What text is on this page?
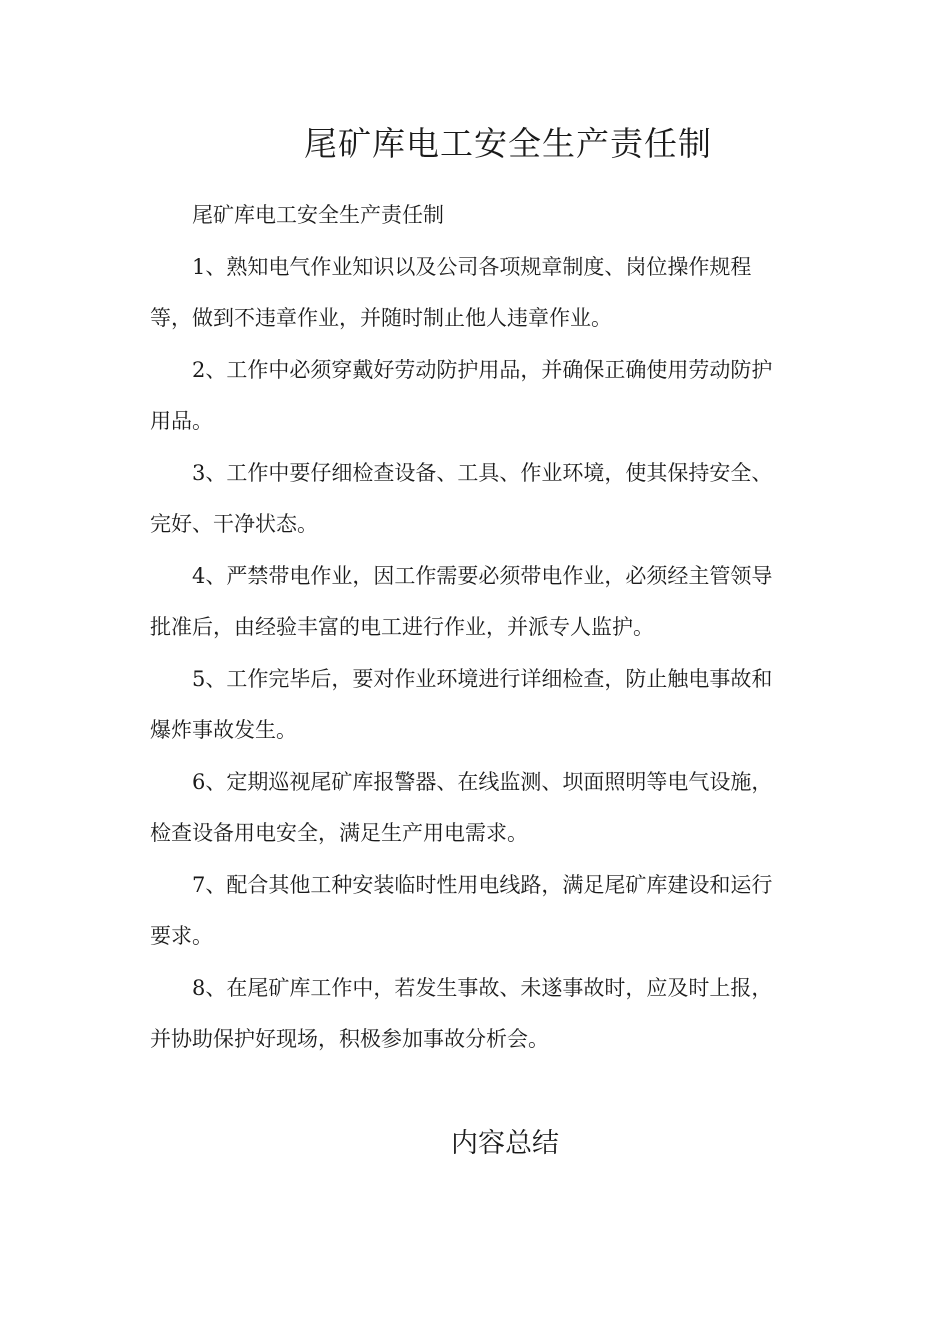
尾矿库电工安全生产责任制

尾矿库电工安全生产责任制

1、熟知电气作业知识以及公司各项规章制度、岗位操作规程等，做到不违章作业，并随时制止他人违章作业。

2、工作中必须穿戴好劳动防护用品，并确保正确使用劳动防护用品。

3、工作中要仔细检查设备、工具、作业环境，使其保持安全、完好、干净状态。

4、严禁带电作业，因工作需要必须带电作业，必须经主管领导批准后，由经验丰富的电工进行作业，并派专人监护。

5、工作完毕后，要对作业环境进行详细检查，防止触电事故和爆炸事故发生。

6、定期巡视尾矿库报警器、在线监测、坝面照明等电气设施，检查设备用电安全，满足生产用电需求。

7、配合其他工种安装临时性用电线路，满足尾矿库建设和运行要求。

8、在尾矿库工作中，若发生事故、未遂事故时，应及时上报，并协助保护好现场，积极参加事故分析会。

内容总结
